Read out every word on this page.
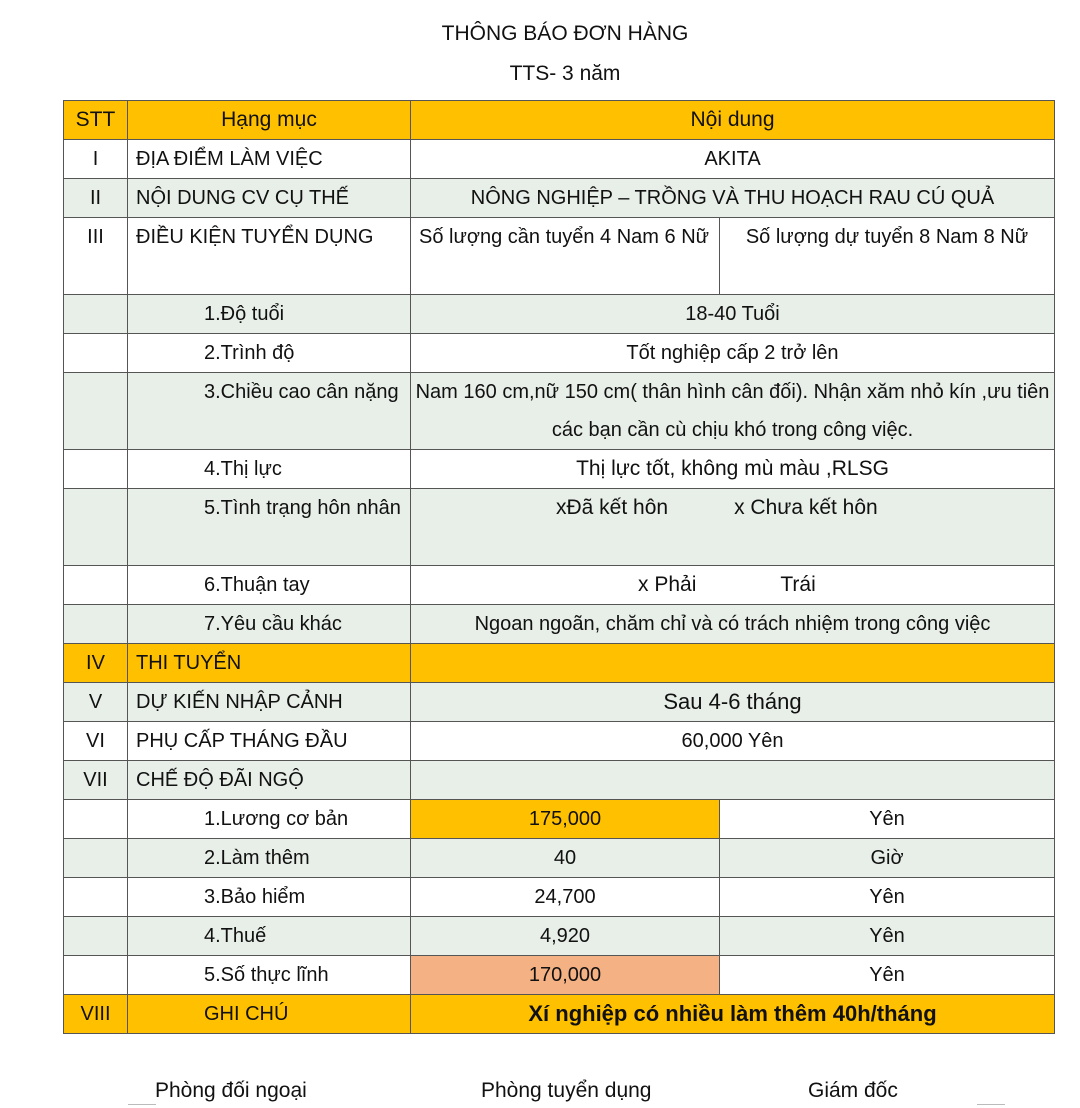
THÔNG BÁO ĐƠN HÀNG
TTS- 3 năm
STT	Hạng mục	Nội dung	
I	ĐỊA ĐIỂM LÀM VIỆC	AKITA	
II	NỘI DUNG CV CỤ THẾ	NÔNG NGHIỆP – TRỒNG VÀ THU HOẠCH RAU CÚ QUẢ	
III	ĐIỀU KIỆN TUYỂN DỤNG	Số lượng cần tuyển 4 Nam 6 Nữ	Số lượng dự tuyển 8 Nam 8 Nữ
	1.Độ tuổi	18-40 Tuổi	
	2.Trình độ	Tốt nghiệp cấp 2 trở lên	
	3.Chiều cao cân nặng	Nam 160 cm,nữ 150 cm( thân hình cân đối). Nhận xăm nhỏ kín ,ưu tiên các bạn cần cù chịu khó trong công việc.	
	4.Thị lực	Thị lực tốt, không mù màu ,RLSG	
	5.Tình trạng hôn nhân	xĐã kết hôn x Chưa kết hôn	
	6.Thuận tay	x Phải Trái	
	7.Yêu cầu khác	Ngoan ngoãn, chăm chỉ và có trách nhiệm trong công việc	
IV	THI TUYỂN		
V	DỰ KIẾN NHẬP CẢNH	Sau 4-6 tháng	
VI	PHỤ CẤP THÁNG ĐẦU	60,000 Yên	
VII	CHẾ ĐỘ ĐÃI NGỘ		
	1.Lương cơ bản	175,000	Yên
	2.Làm thêm	40	Giờ
	3.Bảo hiểm	24,700	Yên
	4.Thuế	4,920	Yên
	5.Số thực lĩnh	170,000	Yên
VIII	GHI CHÚ	Xí nghiệp có nhiều làm thêm 40h/tháng	
Phòng đối ngoại	Phòng tuyển dụng	Giám đốc
